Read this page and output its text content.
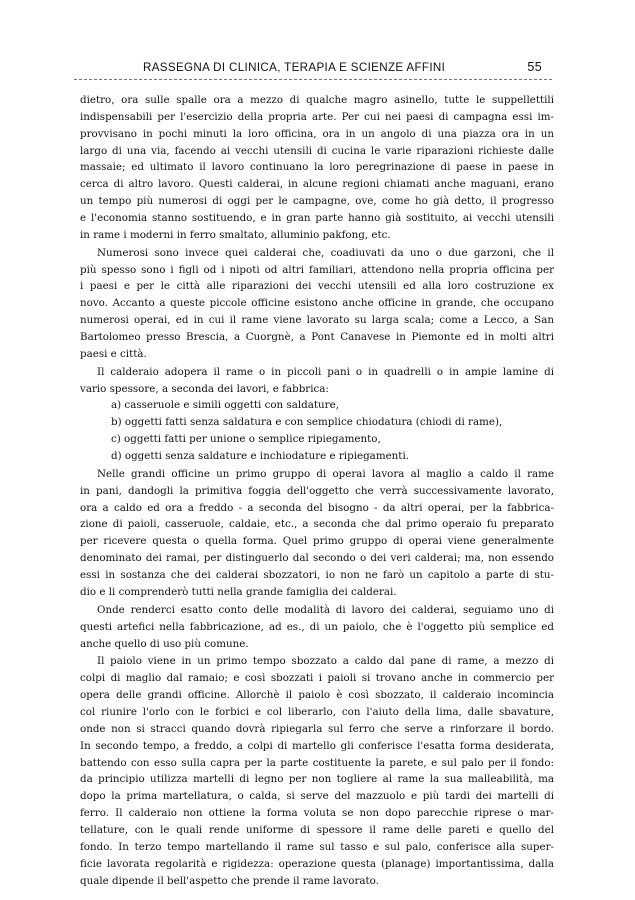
RASSEGNA DI CLINICA, TERAPIA E SCIENZE AFFINI	55
dietro, ora sulle spalle ora a mezzo di qualche magro asinello, tutte le suppellettili
indispensabili per l'esercizio della propria arte. Per cui nei paesi di campagna essi im-
provvisano in pochi minuti la loro officina, ora in un angolo di una piazza ora in un
largo di una via, facendo ai vecchi utensili di cucina le varie riparazioni richieste dalle
massaie; ed ultimato il lavoro continuano la loro peregrinazione di paese in paese in
cerca di altro lavoro. Questi calderai, in alcune regioni chiamati anche maguani, erano
un tempo più numerosi di oggi per le campagne, ove, come ho già detto, il progresso
e l'economia stanno sostituendo, e in gran parte hanno già sostituito, ai vecchi utensili
in rame i moderni in ferro smaltato, alluminio pakfong, etc.
Numerosi sono invece quei calderai che, coadiuvati da uno o due garzoni, che il
più spesso sono i figli od i nipoti od altri familiari, attendono nella propria officina per
i paesi e per le città alle riparazioni dei vecchi utensili ed alla loro costruzione ex
novo. Accanto a queste piccole officine esistono anche officine in grande, che occupano
numerosi operai, ed in cui il rame viene lavorato su larga scala; come a Lecco, a San
Bartolomeo presso Brescia, a Cuorgnè, a Pont Canavese in Piemonte ed in molti altri
paesi e città.
Il calderaio adopera il rame o in piccoli pani o in quadrelli o in ampie lamine di
vario spessore, a seconda dei lavori, e fabbrica:
a) casseruole e simili oggetti con saldature,
b) oggetti fatti senza saldatura e con semplice chiodatura (chiodi di rame),
c) oggetti fatti per unione o semplice ripiegamento,
d) oggetti senza saldature e inchiodature e ripiegamenti.
Nelle grandi officine un primo gruppo di operai lavora al maglio a caldo il rame
in pani, dandogli la primitiva foggia dell'oggetto che verrà successivamente lavorato,
ora a caldo ed ora a freddo - a seconda del bisogno - da altri operai, per la fabbrica-
zione di paioli, casseruole, caldaie, etc., a seconda che dal primo operaio fu preparato
per ricevere questa o quella forma. Quel primo gruppo di operai viene generalmente
denominato dei ramai, per distinguerlo dal secondo o dei veri calderai; ma, non essendo
essi in sostanza che dei calderai sbozzatori, io non ne farò un capitolo a parte di stu-
dio e li comprenderò tutti nella grande famiglia dei calderai.
Onde renderci esatto conto delle modalità di lavoro dei calderai, seguiamo uno di
questi artefici nella fabbricazione, ad es., di un paiolo, che è l'oggetto più semplice ed
anche quello di uso più comune.
Il paiolo viene in un primo tempo sbozzato a caldo dal pane di rame, a mezzo di
colpi di maglio dal ramaio; e così sbozzati i paioli si trovano anche in commercio per
opera delle grandi officine. Allorchè il paiolo è così sbozzato, il calderaio incomincia
col riunire l'orlo con le forbici e col liberarlo, con l'aiuto della lima, dalle sbavature,
onde non si stracci quando dovrà ripiegarla sul ferro che serve a rinforzare il bordo.
In secondo tempo, a freddo, a colpi di martello gli conferisce l'esatta forma desiderata,
battendo con esso sulla capra per la parte costituente la parete, e sul palo per il fondo:
da principio utilizza martelli di legno per non togliere al rame la sua malleabilità, ma
dopo la prima martellatura, o calda, si serve del mazzuolo e più tardi dei martelli di
ferro. Il calderaio non ottiene la forma voluta se non dopo parecchie riprese o mar-
tellature, con le quali rende uniforme di spessore il rame delle pareti e quello del
fondo. In terzo tempo martellando il rame sul tasso e sul palo, conferisce alla super-
ficie lavorata regolarità e rigidezza: operazione questa (planage) importantissima, dalla
quale dipende il bell'aspetto che prende il rame lavorato.
